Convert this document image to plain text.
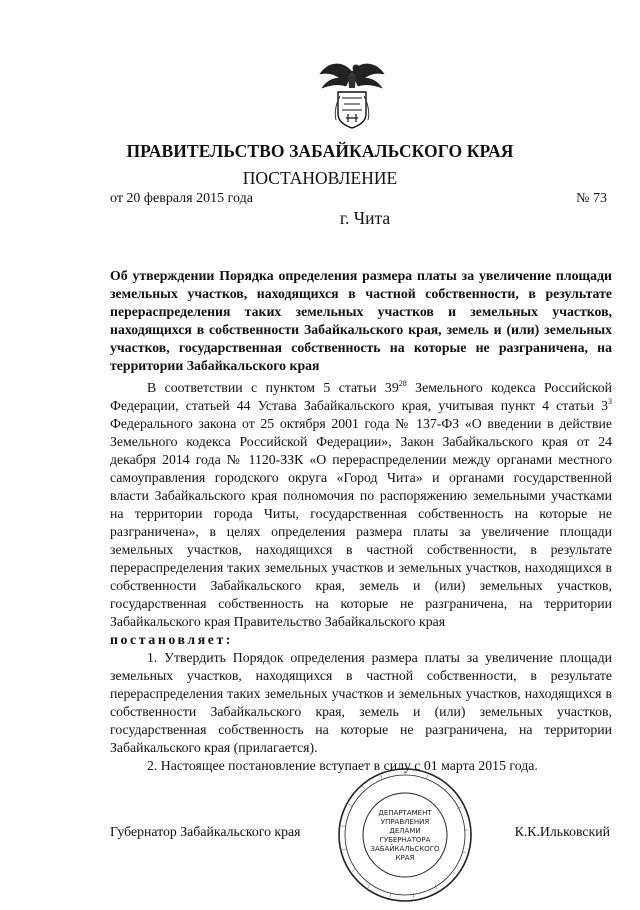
ПРАВИТЕЛЬСТВО ЗАБАЙКАЛЬСКОГО КРАЯ
ПОСТАНОВЛЕНИЕ
от 20 февраля 2015 года	№ 73
г. Чита
Об утверждении Порядка определения размера платы за увеличение площади земельных участков, находящихся в частной собственности, в результате перераспределения таких земельных участков и земельных участков, находящихся в собственности Забайкальского края, земель и (или) земельных участков, государственная собственность на которые не разграничена, на территории Забайкальского края

В соответствии с пунктом 5 статьи $39^{28}$ Земельного кодекса Российской Федерации, статьей 44 Устава Забайкальского края, учитывая пункт 4 статьи $3^3$ Федерального закона от 25 октября 2001 года № 137-ФЗ «О введении в действие Земельного кодекса Российской Федерации», Закон Забайкальского края от 24 декабря 2014 года № 1120-ЗЗК «О перераспределении между органами местного самоуправления городского округа «Город Чита» и органами государственной власти Забайкальского края полномочия по распоряжению земельными участками на территории города Читы, государственная собственность на которые не разграничена», в целях определения размера платы за увеличение площади земельных участков, находящихся в частной собственности, в результате перераспределения таких земельных участков и земельных участков, находящихся в собственности Забайкальского края, земель и (или) земельных участков, государственная собственность на которые не разграничена, на территории Забайкальского края Правительство Забайкальского края

постановляет:

1. Утвердить Порядок определения размера платы за увеличение площади земельных участков, находящихся в частной собственности, в результате перераспределения таких земельных участков и земельных участков, находящихся в собственности Забайкальского края, земель и (или) земельных участков, государственная собственность на которые не разграничена, на территории Забайкальского края (прилагается).

2. Настоящее постановление вступает в силу с 01 марта 2015 года.

ДЕПАРТАМЕНТ
УПРАВЛЕНИЯ
ДЕЛАМИ
ГУБЕРНАТОРА
ЗАБАЙКАЛЬСКОГО
КРАЯ
Губернатор Забайкальского края	К.К.Ильковский
